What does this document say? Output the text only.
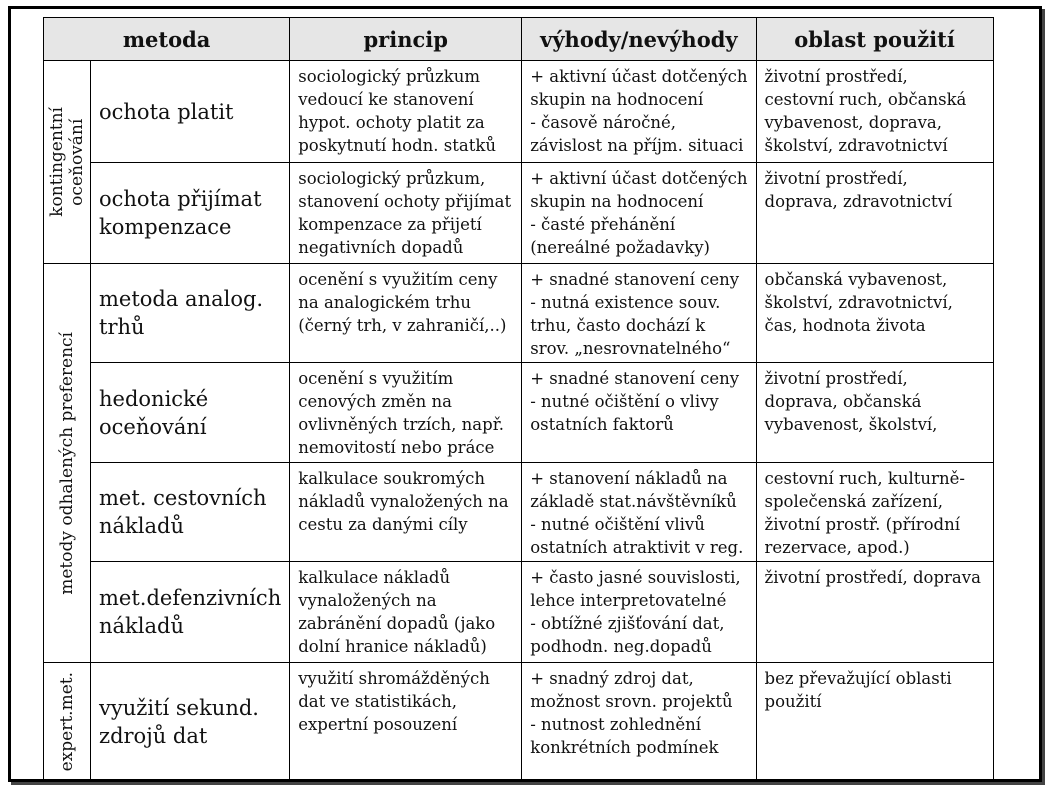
metoda		princip	výhody/nevýhody	oblast použití

kontingentní oceňování	ochota platit	sociologický průzkum
vedoucí ke stanovení
hypot. ochoty platit za
poskytnutí hodn. statků	+ aktivní účast dotčených
skupin na hodnocení
- časově náročné,
závislost na příjm. situaci	životní prostředí,
cestovní ruch, občanská
vybavenost, doprava,
školství, zdravotnictví

	ochota přijímat
kompenzace	sociologický průzkum,
stanovení ochoty přijímat
kompenzace za přijetí
negativních dopadů	+ aktivní účast dotčených
skupin na hodnocení
- časté přehánění
(nereálné požadavky)	životní prostředí,
doprava, zdravotnictví

metody odhalených preferencí	metoda analog.
trhů	ocenění s využitím ceny
na analogickém trhu
(černý trh, v zahraničí,..)	+ snadné stanovení ceny
- nutná existence souv.
trhu, často dochází k
srov. „nesrovnatelného“	občanská vybavenost,
školství, zdravotnictví,
čas, hodnota života

	hedonické
oceňování	ocenění s využitím
cenových změn na
ovlivněných trzích, např.
nemovitostí nebo práce	+ snadné stanovení ceny
- nutné očištění o vlivy
ostatních faktorů	životní prostředí,
doprava, občanská
vybavenost, školství,

	met. cestovních
nákladů	kalkulace soukromých
nákladů vynaložených na
cestu za danými cíly	+ stanovení nákladů na
základě stat.návštěvníků
- nutné očištění vlivů
ostatních atraktivit v reg.	cestovní ruch, kulturně-
společenská zařízení,
životní prostř. (přírodní
rezervace, apod.)

	met.defenzivních
nákladů	kalkulace nákladů
vynaložených na
zabránění dopadů (jako
dolní hranice nákladů)	+ často jasné souvislosti,
lehce interpretovatelné
- obtížné zjišťování dat,
podhodn. neg.dopadů	životní prostředí, doprava

expert.met.	využití sekund.
zdrojů dat	využití shromážděných
dat ve statistikách,
expertní posouzení	+ snadný zdroj dat,
možnost srovn. projektů
- nutnost zohlednění
konkrétních podmínek	bez převažující oblasti
použití
